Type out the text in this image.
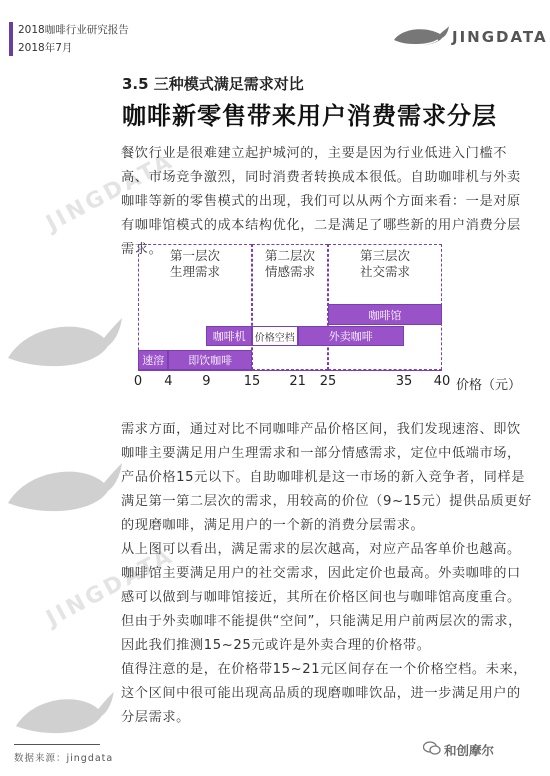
2018咖啡行业研究报告
2018年7月
JINGDATA
JINGDATA
JINGDATA
3.5 三种模式满足需求对比
咖啡新零售带来用户消费需求分层
餐饮行业是很难建立起护城河的，主要是因为行业低进入门槛不高、市场竞争激烈，同时消费者转换成本很低。自助咖啡机与外卖咖啡等新的零售模式的出现，我们可以从两个方面来看：一是对原有咖啡馆模式的成本结构优化，二是满足了哪些新的用户消费分层需求。 第一层次
生理需求
第二层次
情感需求
第三层次
社交需求
速溶	即饮咖啡
咖啡机 价格空档	外卖咖啡
咖啡馆
0 4 9	15 21 25	35 40 价格（元）
需求方面，通过对比不同咖啡产品价格区间，我们发现速溶、即饮咖啡主要满足用户生理需求和一部分情感需求，定位中低端市场，产品价格15元以下。自助咖啡机是这一市场的新入竞争者，同样是满足第一第二层次的需求，用较高的价位（9~15元）提供品质更好的现磨咖啡，满足用户的一个新的消费分层需求。
从上图可以看出，满足需求的层次越高，对应产品客单价也越高。咖啡馆主要满足用户的社交需求，因此定价也最高。外卖咖啡的口感可以做到与咖啡馆接近，其所在价格区间也与咖啡馆高度重合。但由于外卖咖啡不能提供“空间”，只能满足用户前两层次的需求，因此我们推测15~25元或许是外卖合理的价格带。
值得注意的是，在价格带15~21元区间存在一个价格空档。未来，这个区间中很可能出现高品质的现磨咖啡饮品，进一步满足用户的分层需求。
数据来源：jingdata
和创摩尔
